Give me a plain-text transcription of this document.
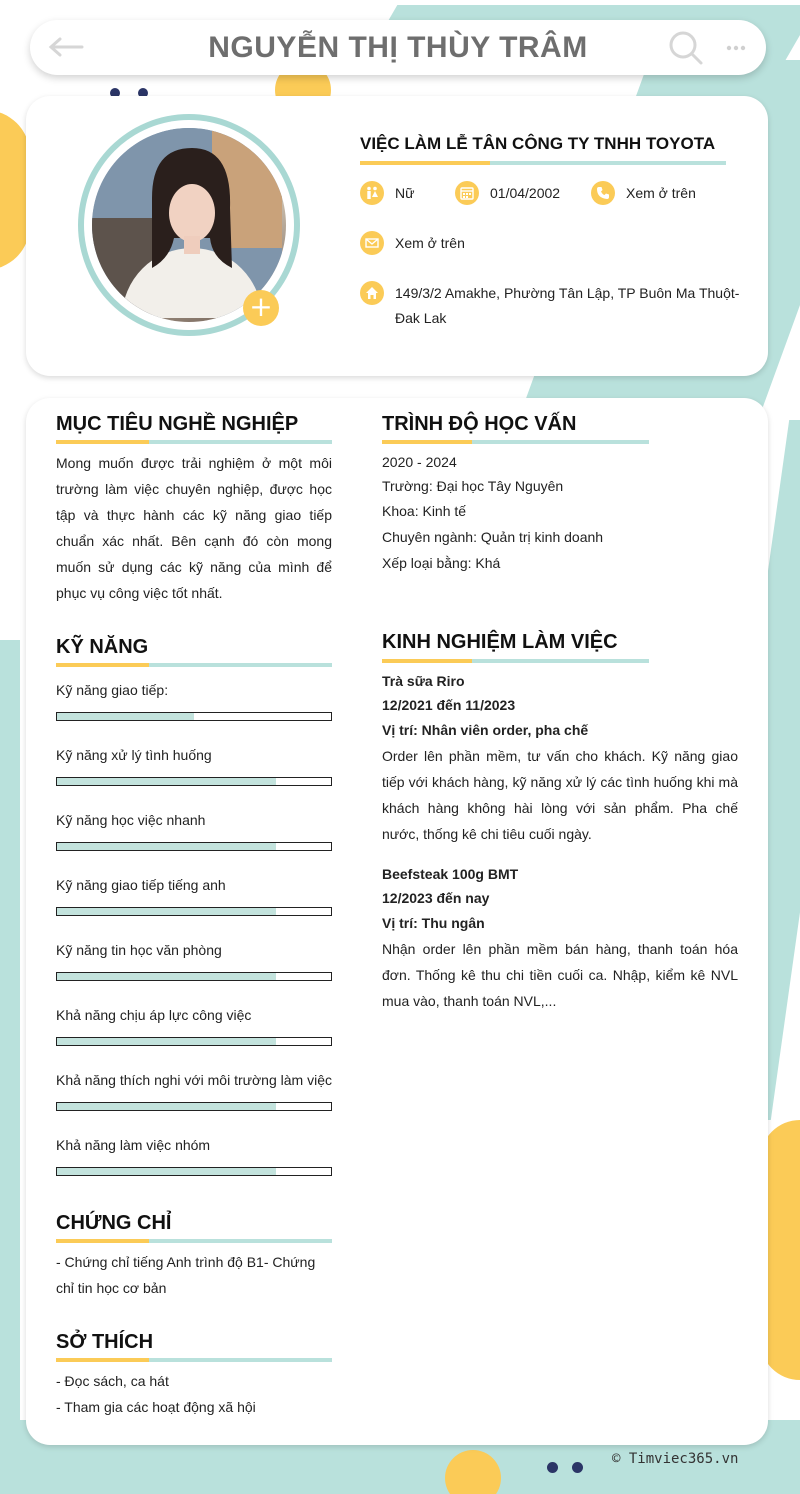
NGUYỄN THỊ THÙY TRÂM
+
VIỆC LÀM LỄ TÂN CÔNG TY TNHH TOYOTA
Nữ	01/04/2002	Xem ở trên
Xem ở trên
149/3/2 Amakhe, Phường Tân Lập, TP Buôn Ma Thuột-
Đak Lak
MỤC TIÊU NGHỀ NGHIỆP
Mong muốn được trải nghiệm ở một môi trường làm việc chuyên nghiệp, được học tập và thực hành các kỹ năng giao tiếp chuẩn xác nhất. Bên cạnh đó còn mong muốn sử dụng các kỹ năng của mình để phục vụ công việc tốt nhất.
KỸ NĂNG
CHỨNG CHỈ
- Chứng chỉ tiếng Anh trình độ B1- Chứng chỉ tin học cơ bản
SỞ THÍCH
- Đọc sách, ca hát
- Tham gia các hoạt động xã hội
TRÌNH ĐỘ HỌC VẤN
2020 - 2024
Trường: Đại học Tây Nguyên
Khoa: Kinh tế
Chuyên ngành: Quản trị kinh doanh
Xếp loại bằng: Khá
KINH NGHIỆM LÀM VIỆC
Trà sữa Riro
12/2021 đến 11/2023
Vị trí: Nhân viên order, pha chế
Order lên phần mềm, tư vấn cho khách. Kỹ năng giao tiếp với khách hàng, kỹ năng xử lý các tình huống khi mà khách hàng không hài lòng với sản phẩm. Pha chế nước, thống kê chi tiêu cuối ngày.
Beefsteak 100g BMT
12/2023 đến nay
Vị trí: Thu ngân
Nhận order lên phần mềm bán hàng, thanh toán hóa đơn. Thống kê thu chi tiền cuối ca. Nhập, kiểm kê NVL mua vào, thanh toán NVL,...
Kỹ năng giao tiếp:
Kỹ năng xử lý tình huống
Kỹ năng học việc nhanh
Kỹ năng giao tiếp tiếng anh
Kỹ năng tin học văn phòng
Khả năng chịu áp lực công việc
Khả năng thích nghi với môi trường làm việc
Khả năng làm việc nhóm
© Timviec365.vn
